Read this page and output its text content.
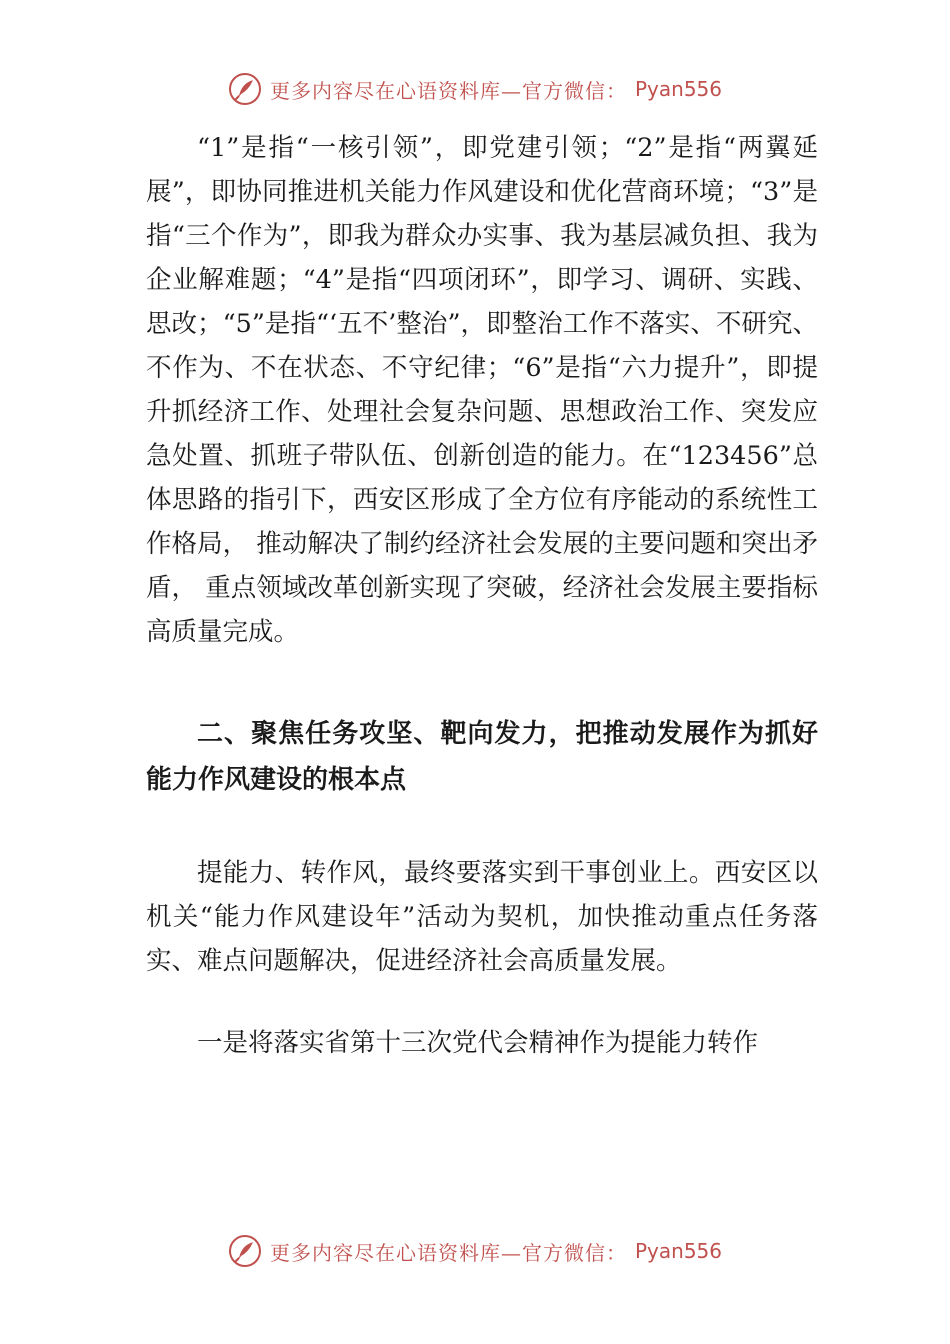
更多内容尽在心语资料库—官方微信： Pyan556

“1”是指“一核引领”，即党建引领；“2”是指“两翼延展”，即协同推进机关能力作风建设和优化营商环境；“3”是指“三个作为”，即我为群众办实事、我为基层减负担、我为企业解难题；“4”是指“四项闭环”，即学习、调研、实践、思改；“5”是指“‘五不’整治”，即整治工作不落实、不研究、不作为、不在状态、不守纪律；“6”是指“六力提升”，即提升抓经济工作、处理社会复杂问题、思想政治工作、突发应急处置、抓班子带队伍、创新创造的能力。在“123456”总体思路的指引下，西安区形成了全方位有序能动的系统性工作格局， 推动解决了制约经济社会发展的主要问题和突出矛盾， 重点领域改革创新实现了突破，经济社会发展主要指标高质量完成。

二、聚焦任务攻坚、靶向发力，把推动发展作为抓好能力作风建设的根本点

提能力、转作风，最终要落实到干事创业上。西安区以机关“能力作风建设年”活动为契机，加快推动重点任务落实、难点问题解决，促进经济社会高质量发展。

一是将落实省第十三次党代会精神作为提能力转作

更多内容尽在心语资料库—官方微信： Pyan556
